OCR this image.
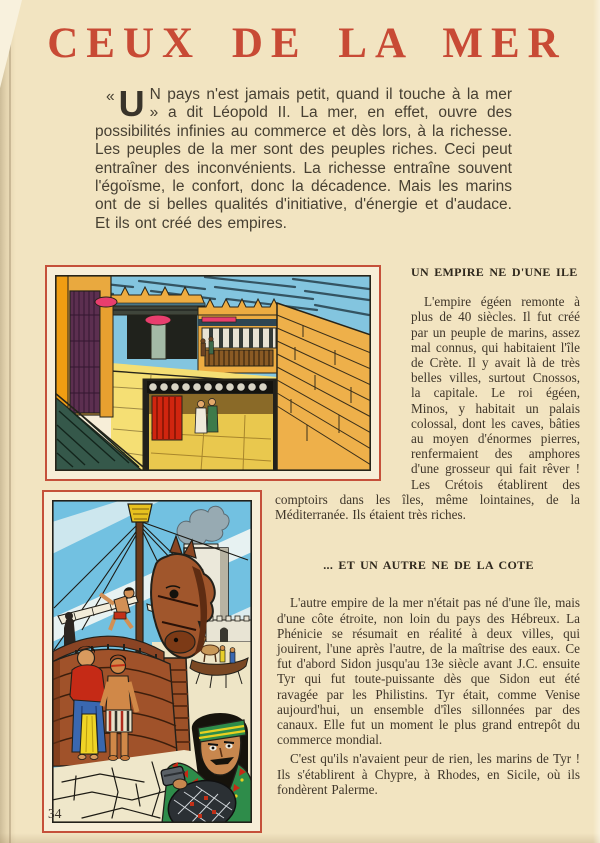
CEUX DE LA MER
« U N pays n'est jamais petit, quand il touche à la mer » a dit Léopold II. La mer, en effet, ouvre des possibilités infinies au commerce et dès lors, à la richesse. Les peuples de la mer sont des peuples riches. Ceci peut entraîner des inconvénients. La richesse entraîne souvent l'égoïsme, le confort, donc la décadence. Mais les marins ont de si belles qualités d'initiative, d'énergie et d'audace. Et ils ont créé des empires.
UN EMPIRE NE D'UNE ILE

L'empire égéen remonte à plus de 40 siècles. Il fut créé par un peuple de marins, assez mal connus, qui habitaient l'île de Crète. Il y avait là de très belles villes, surtout Cnossos, la capitale. Le roi égéen, Minos, y habitait un palais colossal, dont les caves, bâties au moyen d'énormes pierres, renfermaient des amphores d'une grosseur qui fait rêver ! Les Crétois établirent des comptoirs dans les îles, même lointaines, de la Méditerranée. Ils étaient très riches.

... ET UN AUTRE NE DE LA COTE

L'autre empire de la mer n'était pas né d'une île, mais d'une côte étroite, non loin du pays des Hébreux. La Phénicie se résumait en réalité à deux villes, qui jouirent, l'une après l'autre, de la maîtrise des eaux. Ce fut d'abord Sidon jusqu'au 13e siècle avant J.C. ensuite Tyr qui fut toute-puissante dès que Sidon eut été ravagée par les Philistins. Tyr était, comme Venise aujourd'hui, un ensemble d'îles sillonnées par des canaux. Elle fut un moment le plus grand entrepôt du commerce mondial.

C'est qu'ils n'avaient peur de rien, les marins de Tyr ! Ils s'établirent à Chypre, à Rhodes, en Sicile, où ils fondèrent Palerme.

34
